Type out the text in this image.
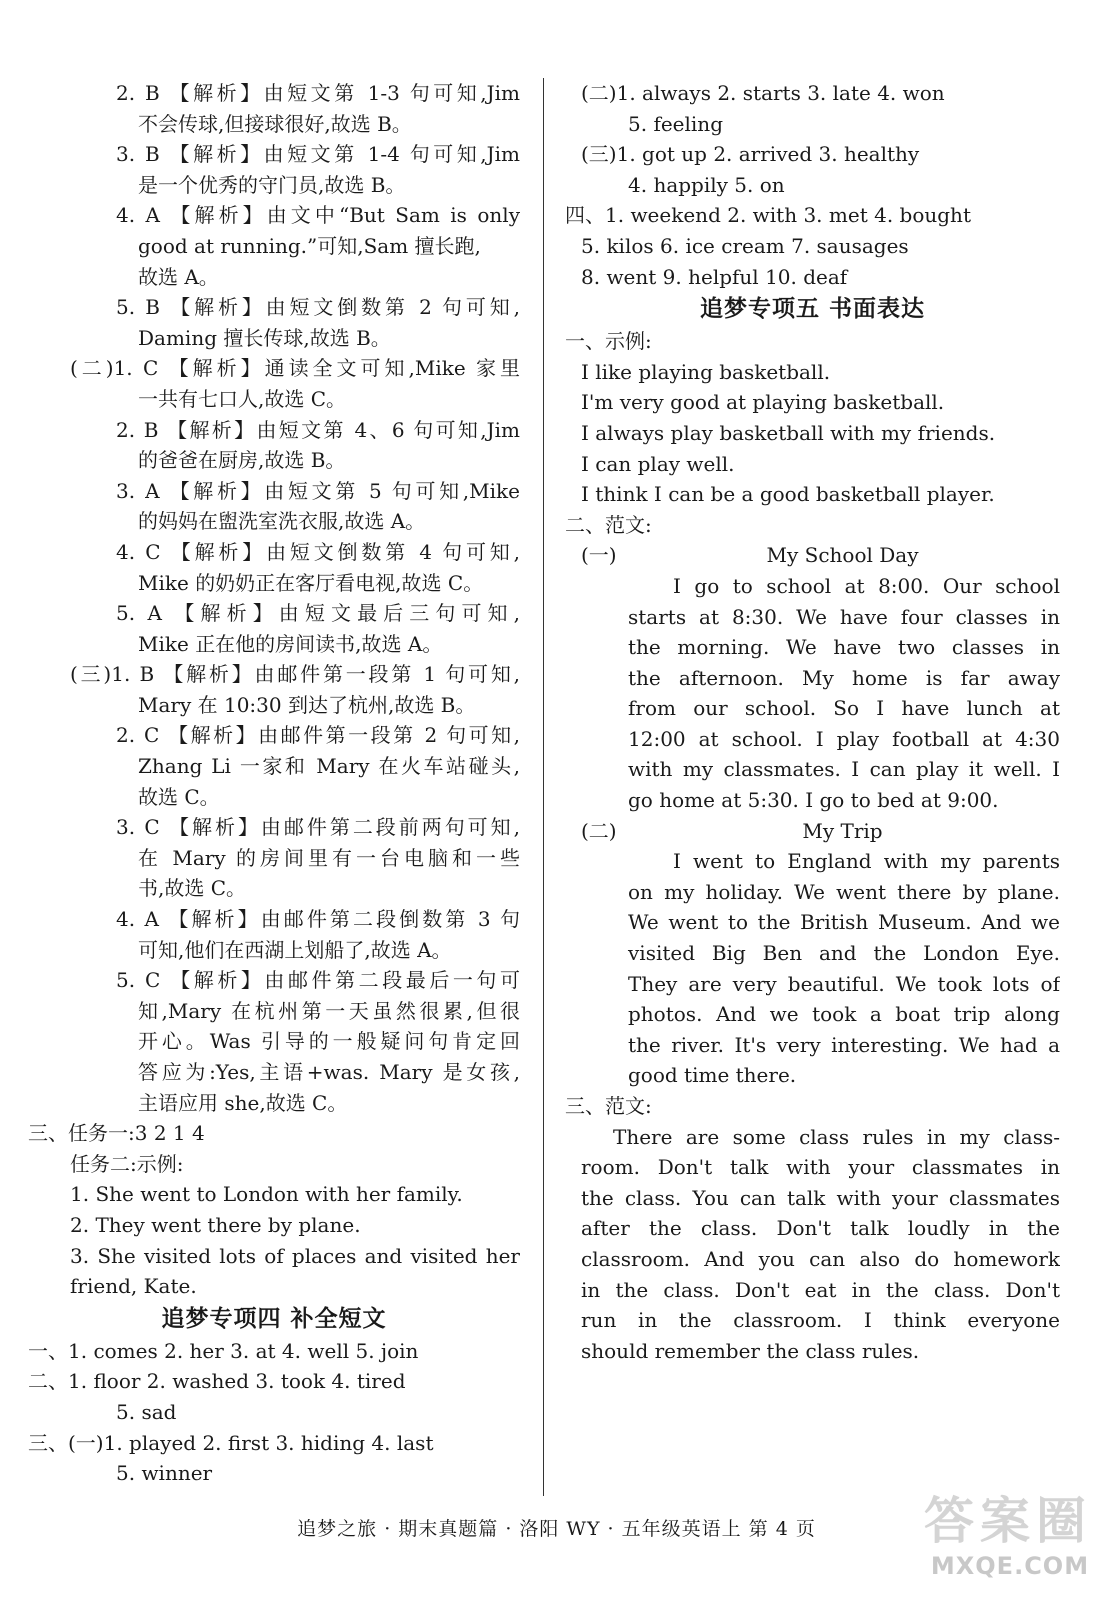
2. B 【解析】由短文第 1-3 句可知,Jim
不会传球,但接球很好,故选 B。
3. B 【解析】由短文第 1-4 句可知,Jim
是一个优秀的守门员,故选 B。
4. A 【解析】由文中“But Sam is only
good at running.”可知,Sam 擅长跑,
故选 A。
5. B 【解析】由短文倒数第 2 句可知,
Daming 擅长传球,故选 B。
(二)1. C 【解析】通读全文可知,Mike 家里
一共有七口人,故选 C。
2. B 【解析】由短文第 4、6 句可知,Jim
的爸爸在厨房,故选 B。
3. A 【解析】由短文第 5 句可知,Mike
的妈妈在盥洗室洗衣服,故选 A。
4. C 【解析】由短文倒数第 4 句可知,
Mike 的奶奶正在客厅看电视,故选 C。
5. A 【解析】由短文最后三句可知,
Mike 正在他的房间读书,故选 A。
(三)1. B 【解析】由邮件第一段第 1 句可知,
Mary 在 10:30 到达了杭州,故选 B。
2. C 【解析】由邮件第一段第 2 句可知,
Zhang Li 一家和 Mary 在火车站碰头,
故选 C。
3. C 【解析】由邮件第二段前两句可知,
在 Mary 的房间里有一台电脑和一些
书,故选 C。
4. A 【解析】由邮件第二段倒数第 3 句
可知,他们在西湖上划船了,故选 A。
5. C 【解析】由邮件第二段最后一句可
知,Mary 在杭州第一天虽然很累,但很
开心。Was 引导的一般疑问句肯定回
答应为:Yes,主语+was. Mary 是女孩,
主语应用 she,故选 C。
三、任务一:3 2 1 4
任务二:示例:
1. She went to London with her family.
2. They went there by plane.
3. She visited lots of places and visited her
friend, Kate.
追梦专项四 补全短文
一、1. comes 2. her 3. at 4. well 5. join
二、1. floor 2. washed 3. took 4. tired
5. sad
三、(一)1. played 2. first 3. hiding 4. last
5. winner
(二)1. always 2. starts 3. late 4. won
5. feeling
(三)1. got up 2. arrived 3. healthy
4. happily 5. on
四、1. weekend 2. with 3. met 4. bought
5. kilos 6. ice cream 7. sausages
8. went 9. helpful 10. deaf
追梦专项五 书面表达
一、示例:
I like playing basketball.
I'm very good at playing basketball.
I always play basketball with my friends.
I can play well.
I think I can be a good basketball player.
二、范文:
(一)	My School Day
I go to school at 8:00. Our school
starts at 8:30. We have four classes in
the morning. We have two classes in
the afternoon. My home is far away
from our school. So I have lunch at
12:00 at school. I play football at 4:30
with my classmates. I can play it well. I
go home at 5:30. I go to bed at 9:00.
(二)	My Trip
I went to England with my parents
on my holiday. We went there by plane.
We went to the British Museum. And we
visited Big Ben and the London Eye.
They are very beautiful. We took lots of
photos. And we took a boat trip along
the river. It's very interesting. We had a
good time there.
三、范文:
There are some class rules in my class-
room. Don't talk with your classmates in
the class. You can talk with your classmates
after the class. Don't talk loudly in the
classroom. And you can also do homework
in the class. Don't eat in the class. Don't
run in the classroom. I think everyone
should remember the class rules.
追梦之旅 · 期末真题篇 · 洛阳 WY · 五年级英语上 第 4 页	答案圈
MXQE.COM
